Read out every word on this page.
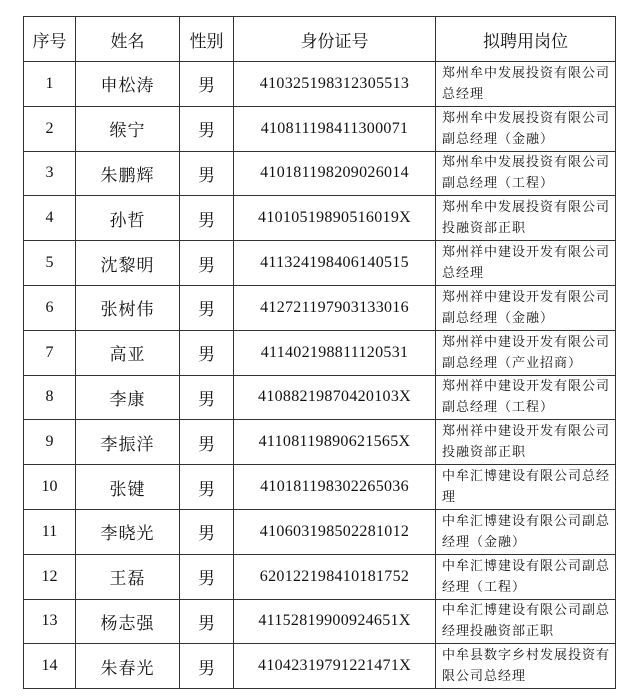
序号	姓名	性别	身份证号	拟聘用岗位
1	申松涛	男	410325198312305513	郑州牟中发展投资有限公司总经理
2	缑宁	男	410811198411300071	郑州牟中发展投资有限公司副总经理（金融）
3	朱鹏辉	男	410181198209026014	郑州牟中发展投资有限公司副总经理（工程）
4	孙哲	男	41010519890516019X	郑州牟中发展投资有限公司投融资部正职
5	沈黎明	男	411324198406140515	郑州祥中建设开发有限公司总经理
6	张树伟	男	412721197903133016	郑州祥中建设开发有限公司副总经理（金融）
7	高亚	男	411402198811120531	郑州祥中建设开发有限公司副总经理（产业招商）
8	李康	男	41088219870420103X	郑州祥中建设开发有限公司副总经理（工程）
9	李振洋	男	41108119890621565X	郑州祥中建设开发有限公司投融资部正职
10	张键	男	410181198302265036	中牟汇博建设有限公司总经理
11	李晓光	男	410603198502281012	中牟汇博建设有限公司副总经理（金融）
12	王磊	男	620122198410181752	中牟汇博建设有限公司副总经理（工程）
13	杨志强	男	41152819900924651X	中牟汇博建设有限公司副总经理投融资部正职
14	朱春光	男	41042319791221471X	中牟县数字乡村发展投资有限公司总经理
